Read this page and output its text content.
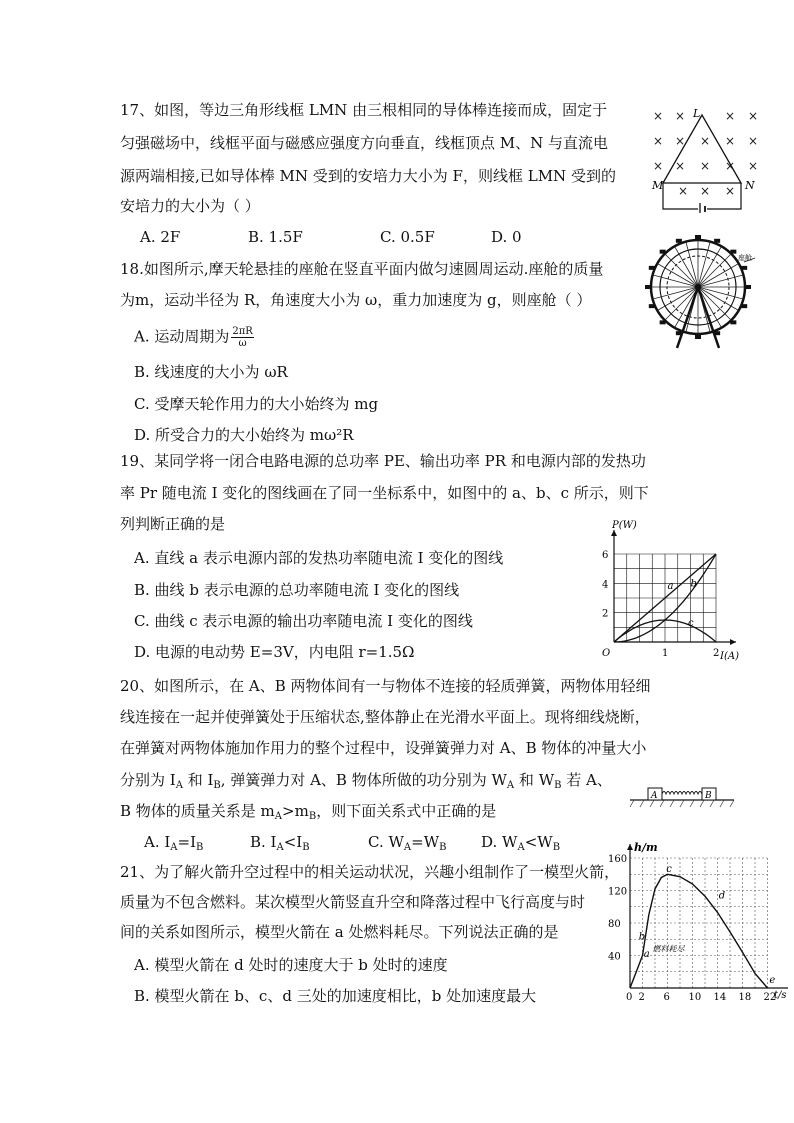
17、如图，等边三角形线框 LMN 由三根相同的导体棒连接而成，固定于
匀强磁场中，线框平面与磁感应强度方向垂直，线框顶点 M、N 与直流电
源两端相接,已如导体棒 MN 受到的安培力大小为 F，则线框 LMN 受到的
安培力的大小为（ ）
A. 2F	B. 1.5F	C. 0.5F	D. 0
× ×	× ×
× × × × ×
× × × × ×
× × ×
L
M	N
18.如图所示,摩天轮悬挂的座舱在竖直平面内做匀速圆周运动.座舱的质量
为m，运动半径为 R，角速度大小为 ω，重力加速度为 g，则座舱（ ）
A. 运动周期为 $\frac{2\pi R}{\omega}$
B. 线速度的大小为 ωR
C. 受摩天轮作用力的大小始终为 mg
D. 所受合力的大小始终为 mω²R
座舱
19、某同学将一闭合电路电源的总功率 PE、输出功率 PR 和电源内部的发热功
率 Pr 随电流 I 变化的图线画在了同一坐标系中，如图中的 a、b、c 所示，则下
列判断正确的是
A. 直线 a 表示电源内部的发热功率随电流 I 变化的图线
B. 曲线 b 表示电源的总功率随电流 I 变化的图线
C. 曲线 c 表示电源的输出功率随电流 I 变化的图线
D. 电源的电动势 E=3V，内电阻 r=1.5Ω
P(W)
I(A)
O	1	2
2
4
6
a b
c
20、如图所示，在 A、B 两物体间有一与物体不连接的轻质弹簧，两物体用轻细
线连接在一起并使弹簧处于压缩状态,整体静止在光滑水平面上。现将细线烧断，
在弹簧对两物体施加作用力的整个过程中，设弹簧弹力对 A、B 物体的冲量大小
分别为 $I_A$ 和 $I_B$, 弹簧弹力对 A、B 物体所做的功分别为 $W_A$ 和 $W_B$ 若 A、
B 物体的质量关系是 $m_A>m_B$，则下面关系式中正确的是
A. $I_A=I_B$	B. $I_A<I_B$	C. $W_A=W_B$ D. $W_A<W_B$
A	B
21、为了解火箭升空过程中的相关运动状况，兴趣小组制作了一模型火箭，
质量为不包含燃料。某次模型火箭竖直升空和降落过程中飞行高度与时
间的关系如图所示，模型火箭在 a 处燃料耗尽。下列说法正确的是
A. 模型火箭在 d 处时的速度大于 b 处时的速度
B. 模型火箭在 b、c、d 三处的加速度相比，b 处加速度最大
h/m
t/s
0 2 6 10 14 18 22
40
80
120
160
a
b
c
d
e
燃料耗尽
